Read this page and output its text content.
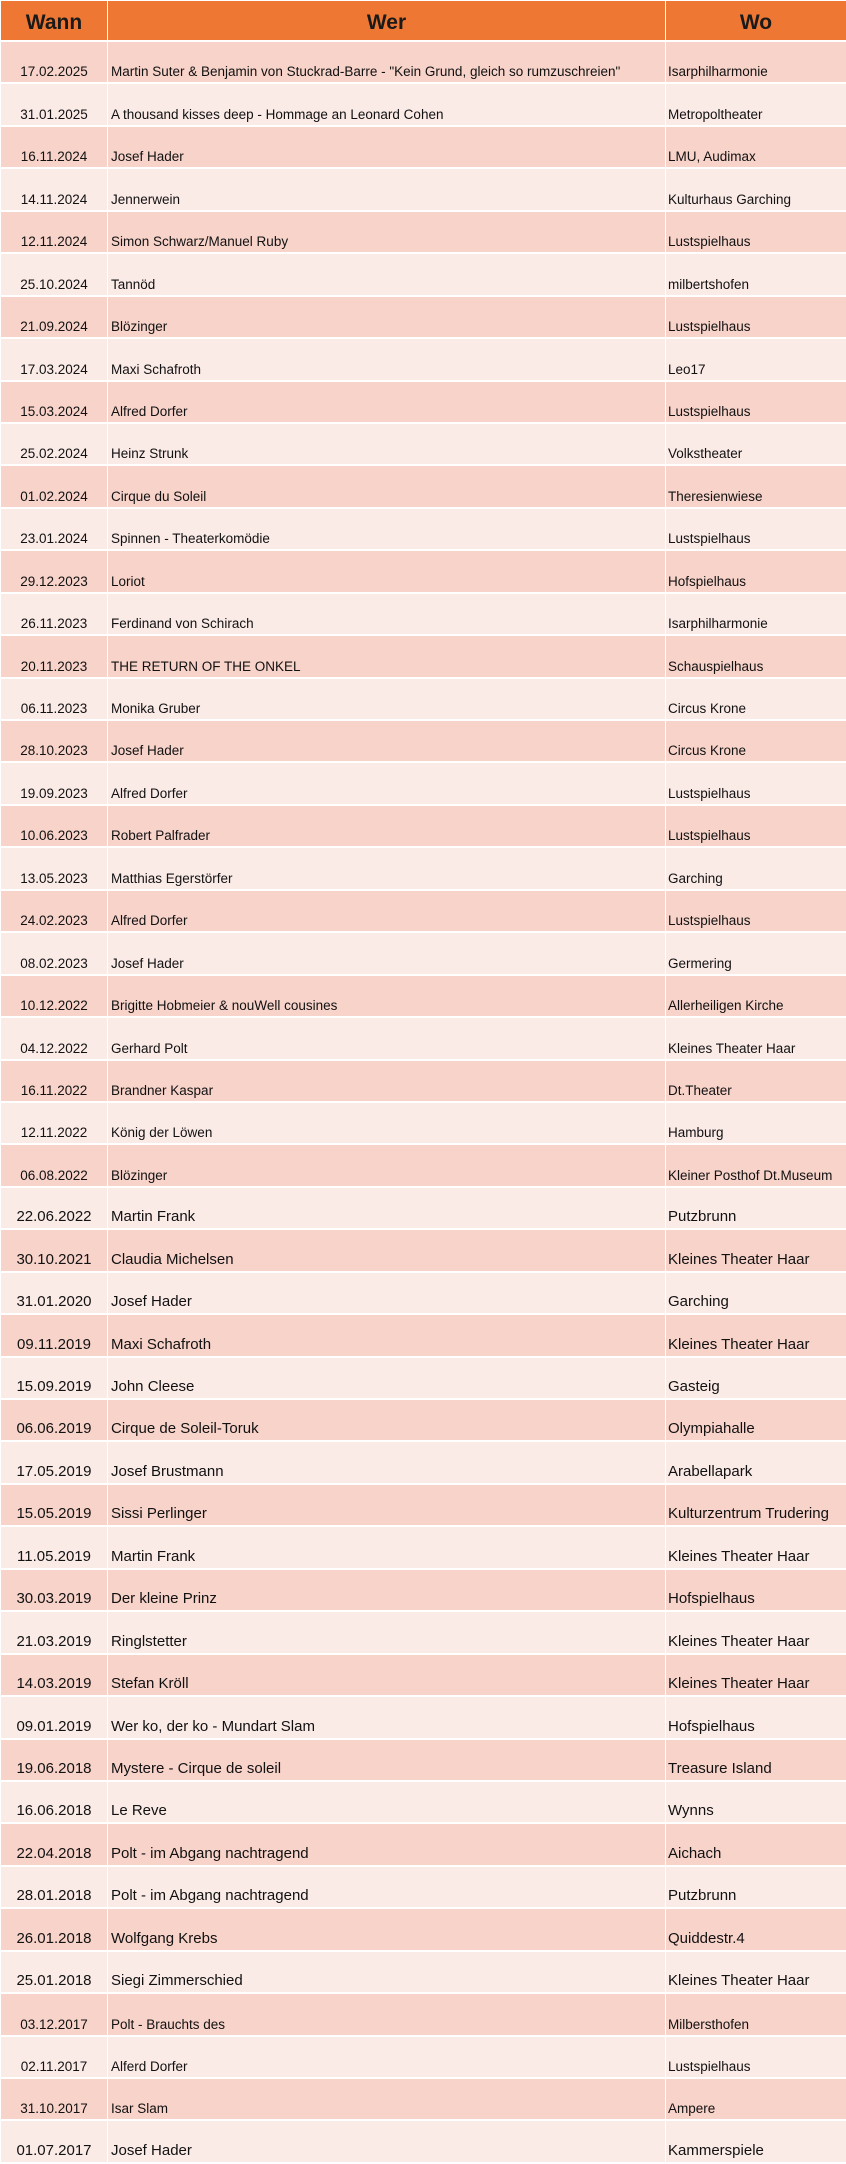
Wann	Wer	Wo
17.02.2025	Martin Suter & Benjamin von Stuckrad-Barre - "Kein Grund, gleich so rumzuschreien"	Isarphilharmonie
31.01.2025	A thousand kisses deep - Hommage an Leonard Cohen	Metropoltheater
16.11.2024	Josef Hader	LMU, Audimax
14.11.2024	Jennerwein	Kulturhaus Garching
12.11.2024	Simon Schwarz/Manuel Ruby	Lustspielhaus
25.10.2024	Tannöd	milbertshofen
21.09.2024	Blözinger	Lustspielhaus
17.03.2024	Maxi Schafroth	Leo17
15.03.2024	Alfred Dorfer	Lustspielhaus
25.02.2024	Heinz Strunk	Volkstheater
01.02.2024	Cirque du Soleil	Theresienwiese
23.01.2024	Spinnen - Theaterkomödie	Lustspielhaus
29.12.2023	Loriot	Hofspielhaus
26.11.2023	Ferdinand von Schirach	Isarphilharmonie
20.11.2023	THE RETURN OF THE ONKEL	Schauspielhaus
06.11.2023	Monika Gruber	Circus Krone
28.10.2023	Josef Hader	Circus Krone
19.09.2023	Alfred Dorfer	Lustspielhaus
10.06.2023	Robert Palfrader	Lustspielhaus
13.05.2023	Matthias Egerstörfer	Garching
24.02.2023	Alfred Dorfer	Lustspielhaus
08.02.2023	Josef Hader	Germering
10.12.2022	Brigitte Hobmeier & nouWell cousines	Allerheiligen Kirche
04.12.2022	Gerhard Polt	Kleines Theater Haar
16.11.2022	Brandner Kaspar	Dt.Theater
12.11.2022	König der Löwen	Hamburg
06.08.2022	Blözinger	Kleiner Posthof Dt.Museum
22.06.2022	Martin Frank	Putzbrunn
30.10.2021	Claudia Michelsen	Kleines Theater Haar
31.01.2020	Josef Hader	Garching
09.11.2019	Maxi Schafroth	Kleines Theater Haar
15.09.2019	John Cleese	Gasteig
06.06.2019	Cirque de Soleil-Toruk	Olympiahalle
17.05.2019	Josef Brustmann	Arabellapark
15.05.2019	Sissi Perlinger	Kulturzentrum Trudering
11.05.2019	Martin Frank	Kleines Theater Haar
30.03.2019	Der kleine Prinz	Hofspielhaus
21.03.2019	Ringlstetter	Kleines Theater Haar
14.03.2019	Stefan Kröll	Kleines Theater Haar
09.01.2019	Wer ko, der ko - Mundart Slam	Hofspielhaus
19.06.2018	Mystere - Cirque de soleil	Treasure Island
16.06.2018	Le Reve	Wynns
22.04.2018	Polt - im Abgang nachtragend	Aichach
28.01.2018	Polt - im Abgang nachtragend	Putzbrunn
26.01.2018	Wolfgang Krebs	Quiddestr.4
25.01.2018	Siegi Zimmerschied	Kleines Theater Haar
03.12.2017	Polt - Brauchts des	Milbersthofen
02.11.2017	Alferd Dorfer	Lustspielhaus
31.10.2017	Isar Slam	Ampere
01.07.2017	Josef Hader	Kammerspiele
